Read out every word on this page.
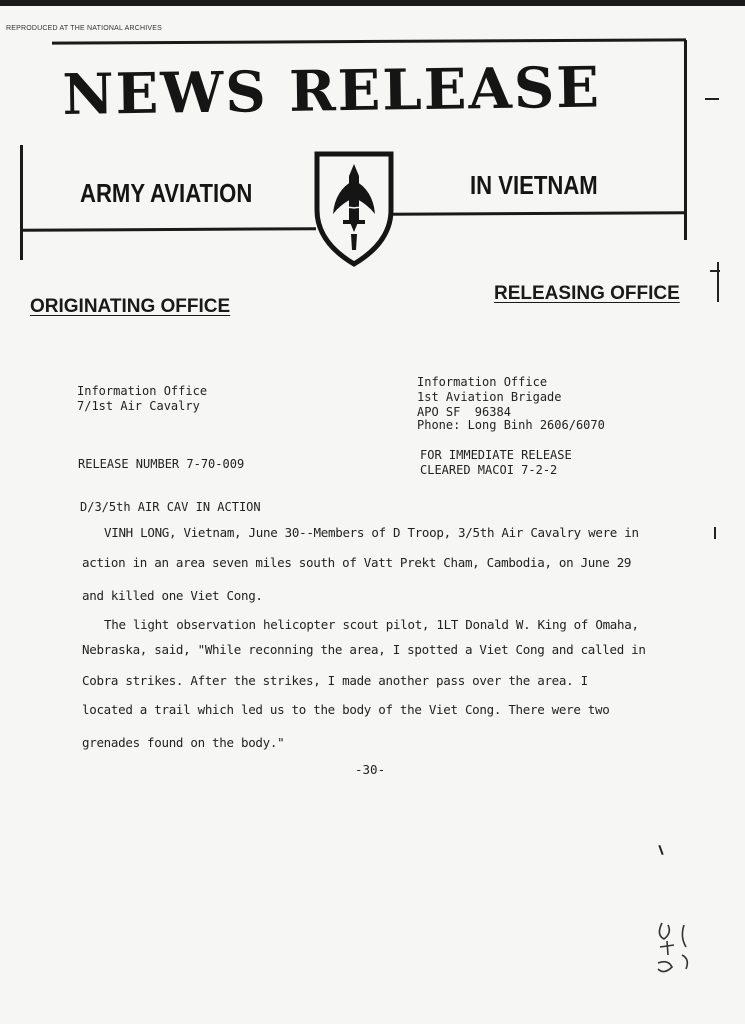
REPRODUCED AT THE NATIONAL ARCHIVES
NEWS RELEASE
ARMY AVIATION	IN VIETNAM
ORIGINATING OFFICE
RELEASING OFFICE
Information Office
7/1st Air Cavalry
Information Office
1st Aviation Brigade
APO SF  96384
Phone: Long Binh 2606/6070
RELEASE NUMBER 7-70-009
FOR IMMEDIATE RELEASE
CLEARED MACOI 7-2-2
D/3/5th AIR CAV IN ACTION
VINH LONG, Vietnam, June 30--Members of D Troop, 3/5th Air Cavalry were in
action in an area seven miles south of Vatt Prekt Cham, Cambodia, on June 29
and killed one Viet Cong.
The light observation helicopter scout pilot, 1LT Donald W. King of Omaha,
Nebraska, said, "While reconning the area, I spotted a Viet Cong and called in
Cobra strikes. After the strikes, I made another pass over the area. I
located a trail which led us to the body of the Viet Cong. There were two
grenades found on the body."
-30-
